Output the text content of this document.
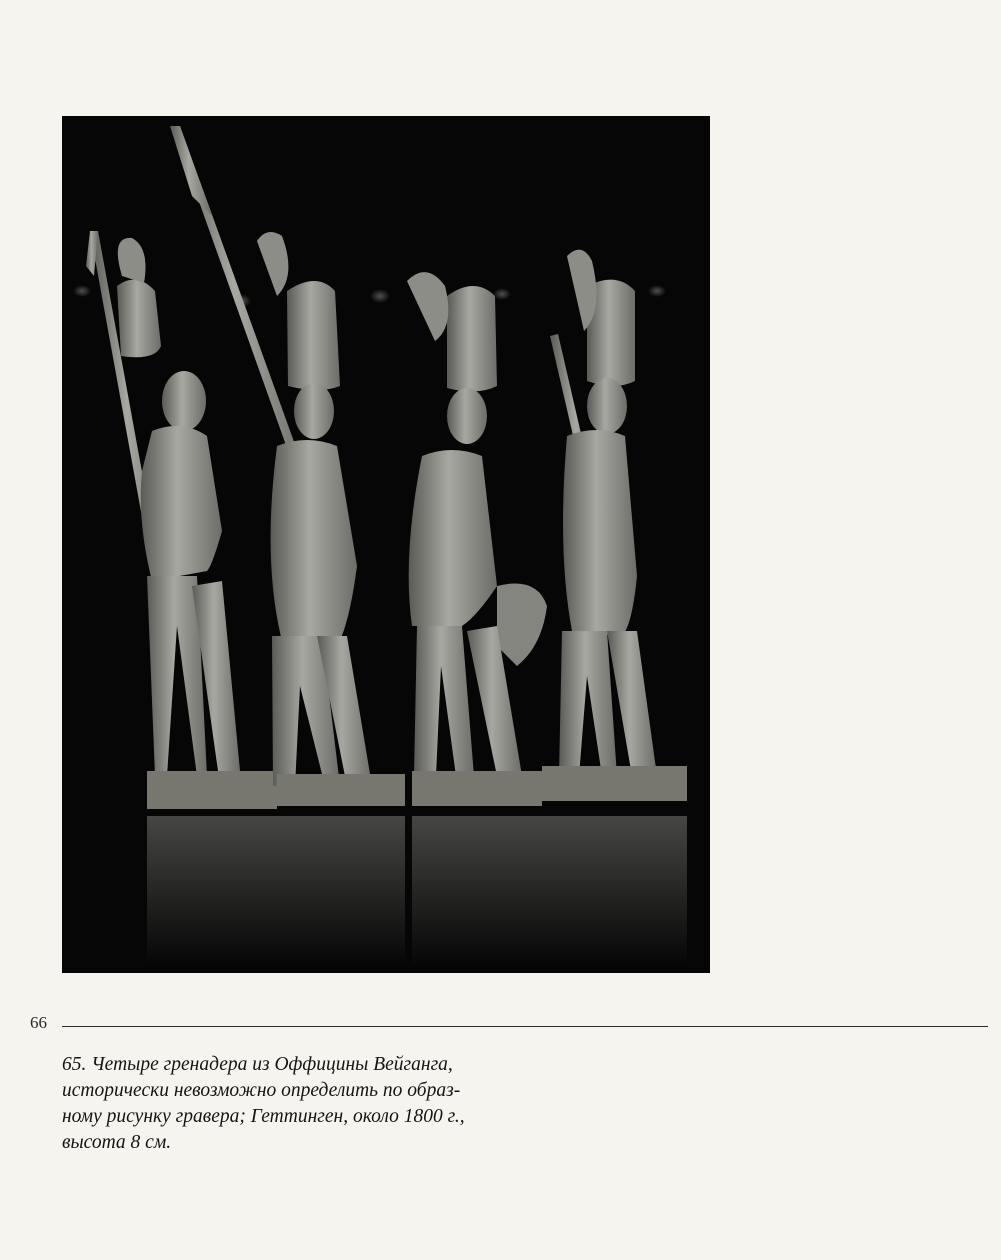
66
65. Четыре гренадера из Оффицины Вейганга,
исторически невозможно определить по образ-
ному рисунку гравера; Геттинген, около 1800 г.,
высота 8 см.
